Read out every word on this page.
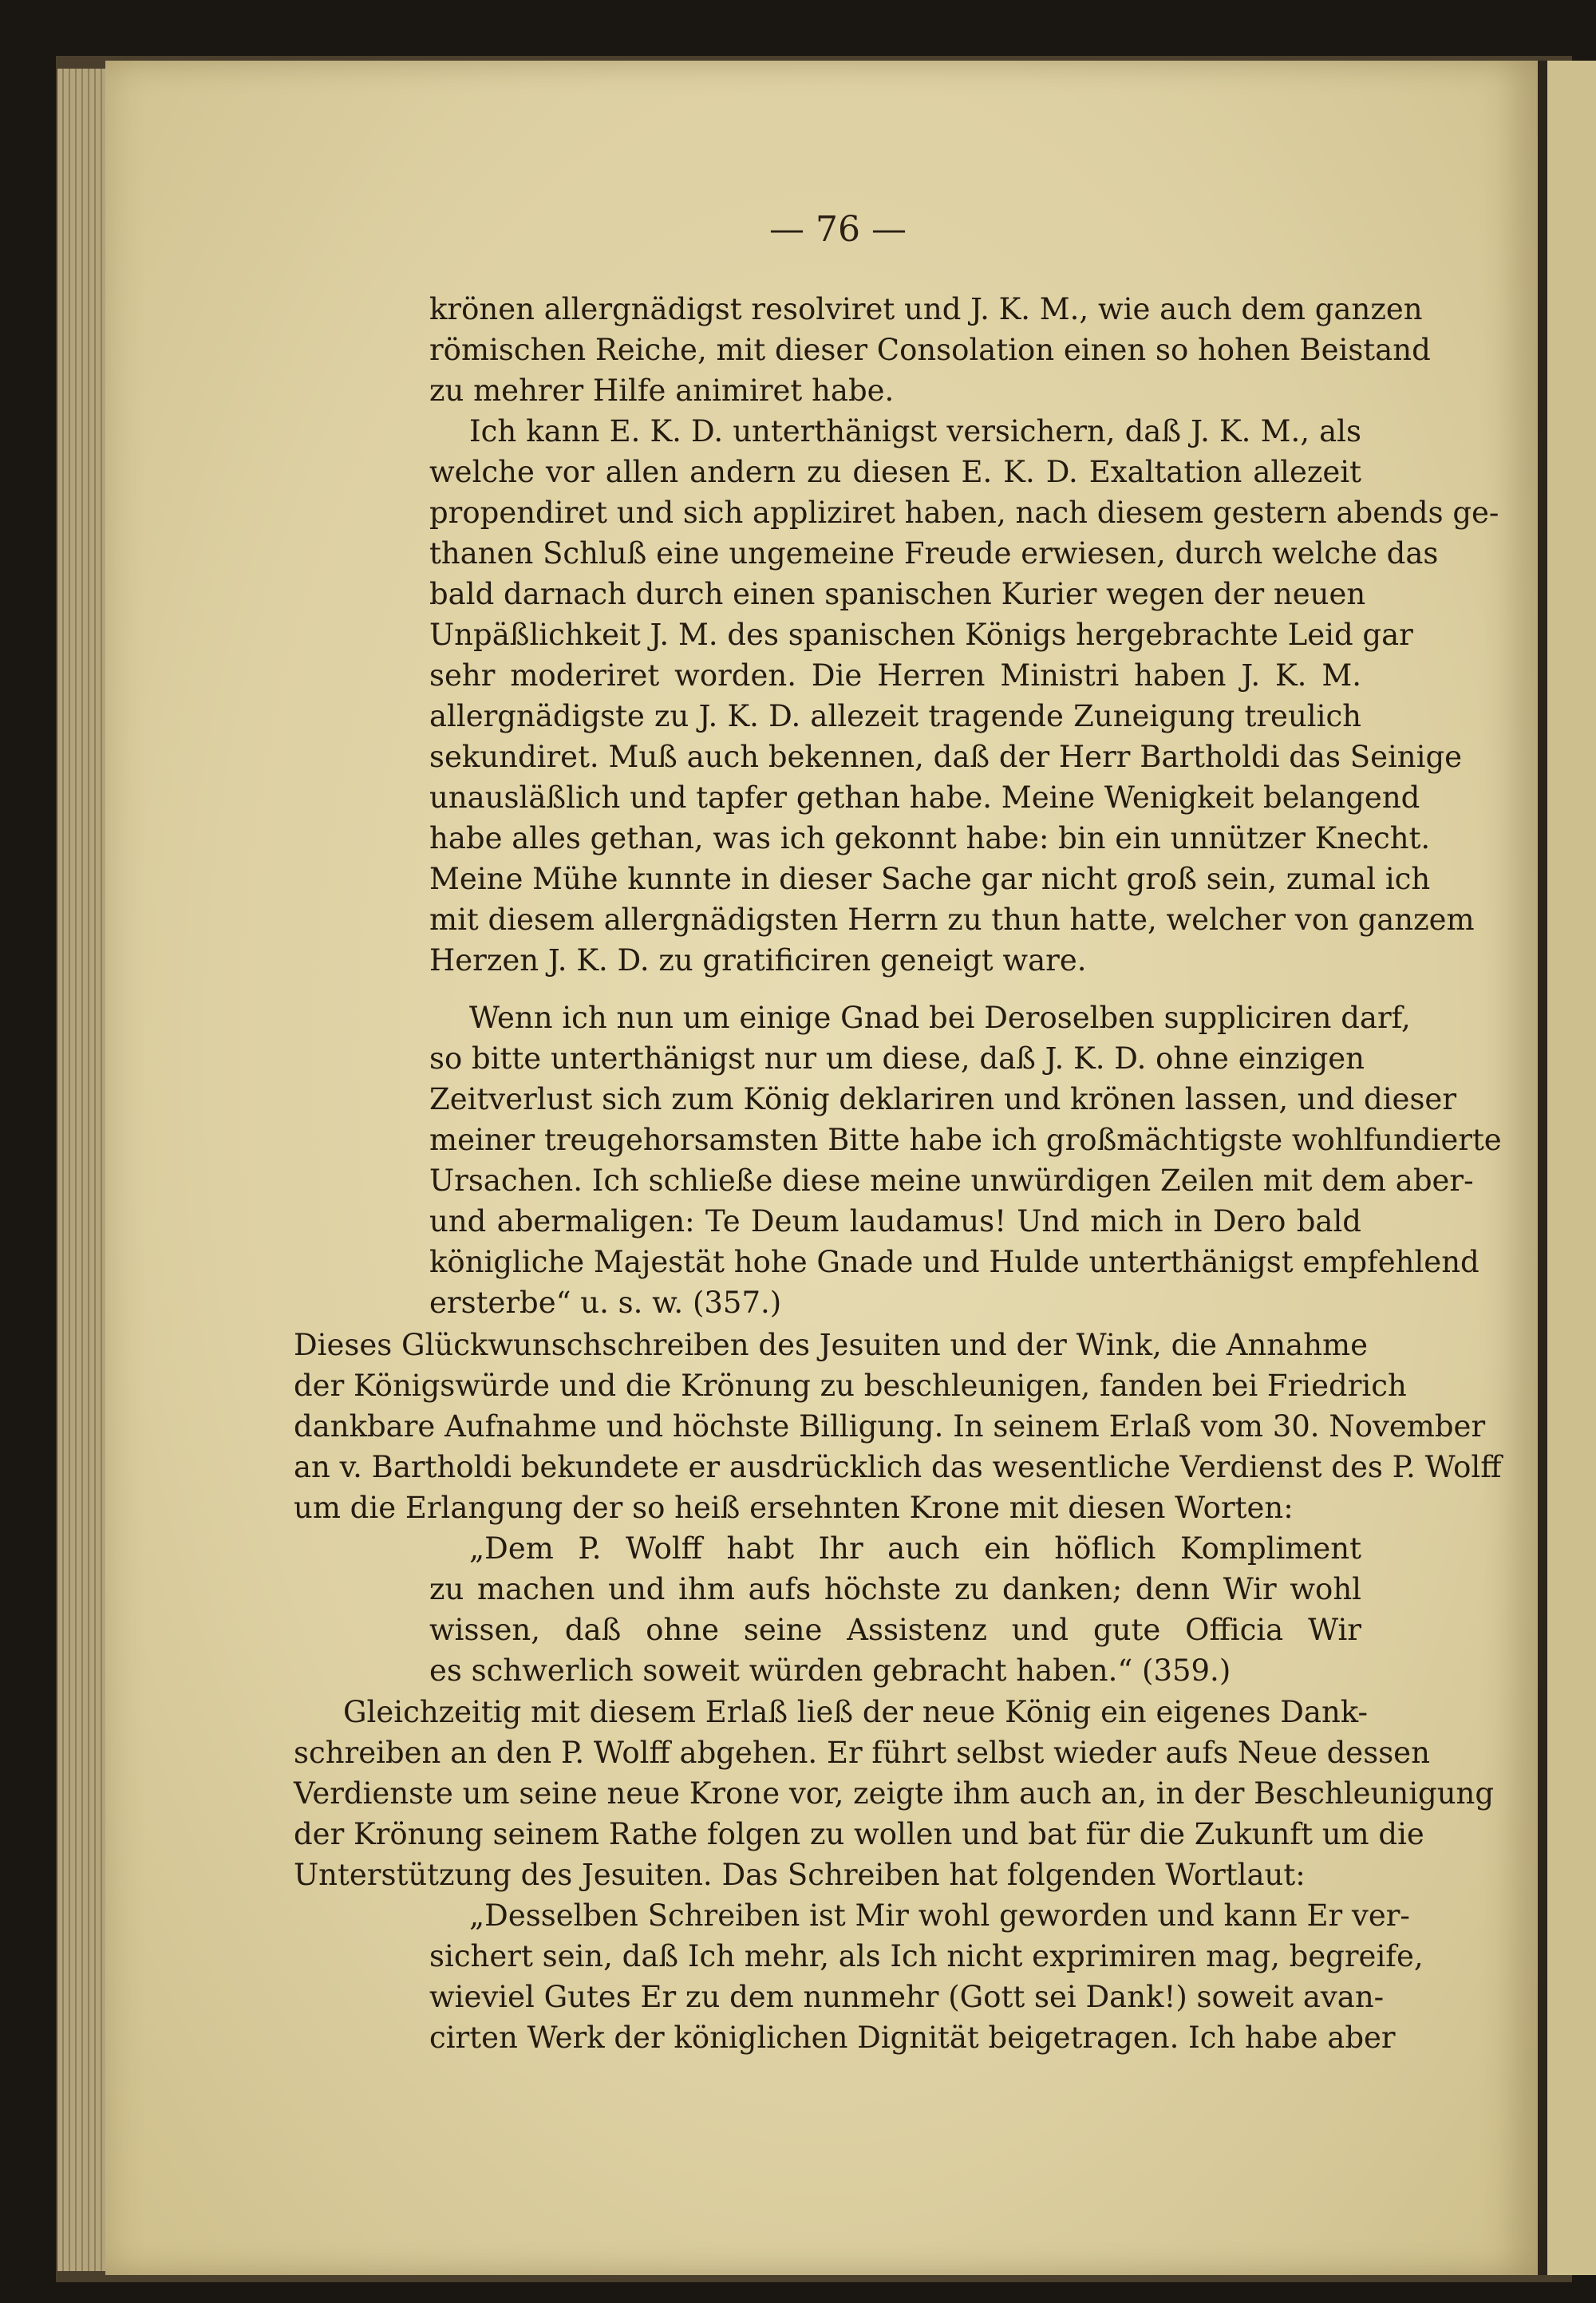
— 76 —
krönen allergnädigst resolviret und J. K. M., wie auch dem ganzen
römischen Reiche, mit dieser Consolation einen so hohen Beistand
zu mehrer Hilfe animiret habe.
Ich kann E. K. D. unterthänigst versichern, daß J. K. M., als
welche vor allen andern zu diesen E. K. D. Exaltation allezeit
propendiret und sich appliziret haben, nach diesem gestern abends ge-
thanen Schluß eine ungemeine Freude erwiesen, durch welche das
bald darnach durch einen spanischen Kurier wegen der neuen
Unpäßlichkeit J. M. des spanischen Königs hergebrachte Leid gar
sehr moderiret worden. Die Herren Ministri haben J. K. M.
allergnädigste zu J. K. D. allezeit tragende Zuneigung treulich
sekundiret. Muß auch bekennen, daß der Herr Bartholdi das Seinige
unausläßlich und tapfer gethan habe. Meine Wenigkeit belangend
habe alles gethan, was ich gekonnt habe: bin ein unnützer Knecht.
Meine Mühe kunnte in dieser Sache gar nicht groß sein, zumal ich
mit diesem allergnädigsten Herrn zu thun hatte, welcher von ganzem
Herzen J. K. D. zu gratificiren geneigt ware.
Wenn ich nun um einige Gnad bei Deroselben suppliciren darf,
so bitte unterthänigst nur um diese, daß J. K. D. ohne einzigen
Zeitverlust sich zum König deklariren und krönen lassen, und dieser
meiner treugehorsamsten Bitte habe ich großmächtigste wohlfundierte
Ursachen. Ich schließe diese meine unwürdigen Zeilen mit dem aber-
und abermaligen: Te Deum laudamus! Und mich in Dero bald
königliche Majestät hohe Gnade und Hulde unterthänigst empfehlend
ersterbe“ u. s. w. (357.)
Dieses Glückwunschschreiben des Jesuiten und der Wink, die Annahme
der Königswürde und die Krönung zu beschleunigen, fanden bei Friedrich
dankbare Aufnahme und höchste Billigung. In seinem Erlaß vom 30. November
an v. Bartholdi bekundete er ausdrücklich das wesentliche Verdienst des P. Wolff
um die Erlangung der so heiß ersehnten Krone mit diesen Worten:
„Dem P. Wolff habt Ihr auch ein höflich Kompliment
zu machen und ihm aufs höchste zu danken; denn Wir wohl
wissen, daß ohne seine Assistenz und gute Officia Wir
es schwerlich soweit würden gebracht haben.“ (359.)
Gleichzeitig mit diesem Erlaß ließ der neue König ein eigenes Dank-
schreiben an den P. Wolff abgehen. Er führt selbst wieder aufs Neue dessen
Verdienste um seine neue Krone vor, zeigte ihm auch an, in der Beschleunigung
der Krönung seinem Rathe folgen zu wollen und bat für die Zukunft um die
Unterstützung des Jesuiten. Das Schreiben hat folgenden Wortlaut:
„Desselben Schreiben ist Mir wohl geworden und kann Er ver-
sichert sein, daß Ich mehr, als Ich nicht exprimiren mag, begreife,
wieviel Gutes Er zu dem nunmehr (Gott sei Dank!) soweit avan-
cirten Werk der königlichen Dignität beigetragen. Ich habe aber
